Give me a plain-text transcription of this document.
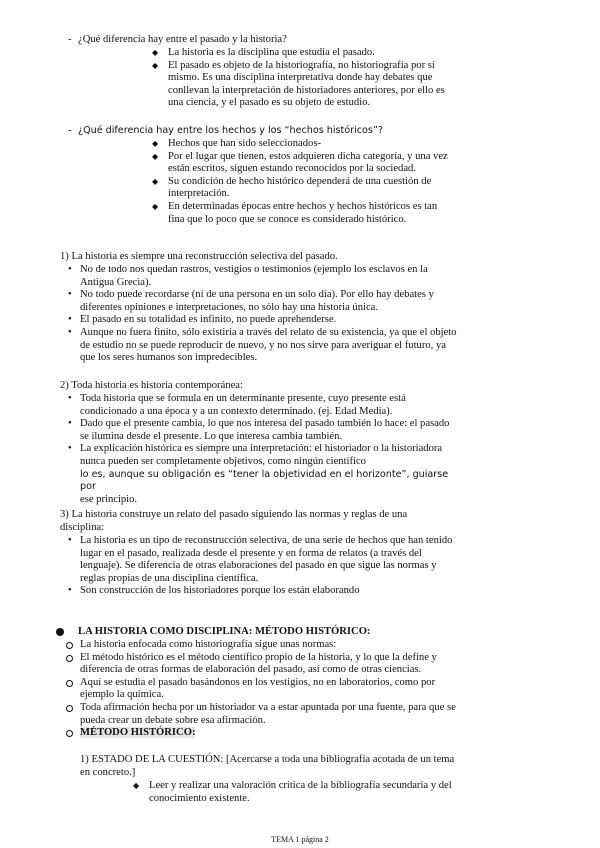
- ¿Qué diferencia hay entre el pasado y la historia?
◆ La historia es la disciplina que estudia el pasado.
◆ El pasado es objeto de la historiografía, no historiografía por sí mismo. Es una disciplina interpretativa donde hay debates que conllevan la interpretación de historiadores anteriores, por ello es una ciencia, y el pasado es su objeto de estudio.
- ¿Qué diferencia hay entre los hechos y los “hechos históricos”?
◆ Hechos que han sido seleccionados-
◆ Por el lugar que tienen, estos adquieren dicha categoría, y una vez están escritos, siguen estando reconocidos por la sociedad.
◆ Su condición de hecho histórico dependerá de una cuestión de interpretación.
◆ En determinadas épocas entre hechos y hechos históricos es tan fina que lo poco que se conoce es considerado histórico.
1) La historia es siempre una reconstrucción selectiva del pasado.
• No de todo nos quedan rastros, vestigios o testimonios (ejemplo los esclavos en la Antigua Grecia).
• No todo puede recordarse (ni de una persona en un solo día). Por ello hay debates y diferentes opiniones e interpretaciones, no sólo hay una historia única.
• El pasado en su totalidad es infinito, no puede aprehenderse.
• Aunque no fuera finito, sólo existiría a través del relato de su existencia, ya que el objeto de estudio no se puede reproducir de nuevo, y no nos sirve para averiguar el futuro, ya que los seres humanos son impredecibles.
2) Toda historia es historia contemporánea:
• Toda historia que se formula en un determinante presente, cuyo presente está condicionado a una época y a un contexto determinado. (ej. Edad Media).
• Dado que el presente cambia, lo que nos interesa del pasado también lo hace: el pasado se ilumina desde el presente. Lo que interesa cambia también.
• La explicación histórica es siempre una interpretación: el historiador o la historiadora nunca pueden ser completamente objetivos, como ningún científico
lo es, aunque su obligación es “tener la objetividad en el horizonte”, guiarse por
ese principio.
3) La historia construye un relato del pasado siguiendo las normas y reglas de una disciplina:
• La historia es un tipo de reconstrucción selectiva, de una serie de hechos que han tenido lugar en el pasado, realizada desde el presente y en forma de relatos (a través del lenguaje). Se diferencia de otras elaboraciones del pasado en que sigue las normas y reglas propias de una disciplina científica.
• Son construcción de los historiadores porque los están elaborando
LA HISTORIA COMO DISCIPLINA: MÉTODO HISTÓRICO:
La historia enfocada como historiografía sigue unas normas:
El método histórico es el método científico propio de la historia, y lo que la define y diferencia de otras formas de elaboración del pasado, así como de otras ciencias.
Aquí se estudia el pasado basándonos en los vestigios, no en laboratorios, como por ejemplo la química.
Toda afirmación hecha por un historiador va a estar apuntada por una fuente, para que se pueda crear un debate sobre esa afirmación.
MÉTODO HISTÓRICO:
1) ESTADO DE LA CUESTIÓN: [Acercarse a toda una bibliografía acotada de un tema en concreto.]
◆ Leer y realizar una valoración crítica de la bibliografía secundaria y del conocimiento existente.
TEMA 1 página 2
